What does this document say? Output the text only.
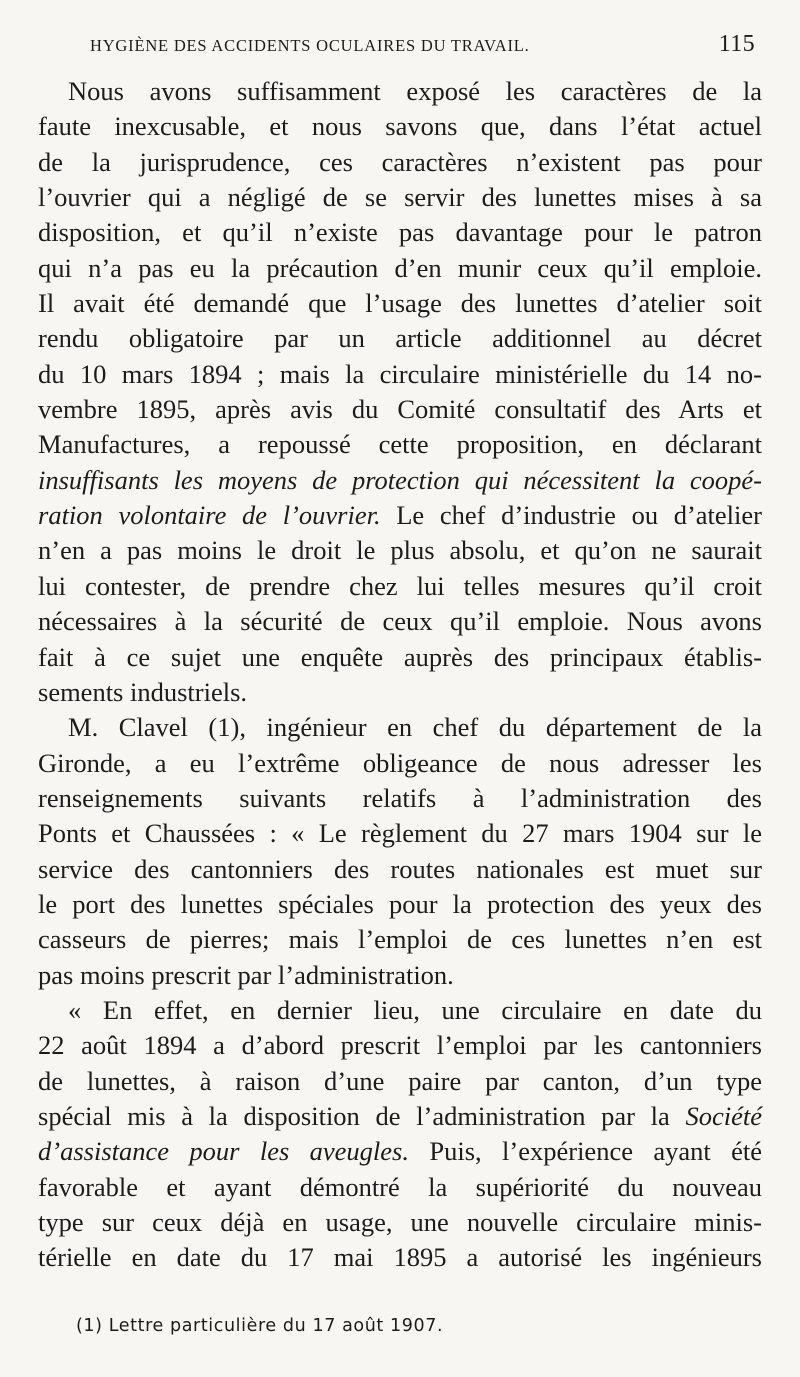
HYGIÈNE DES ACCIDENTS OCULAIRES DU TRAVAIL.	115
Nous avons suffisamment exposé les caractères de la
faute inexcusable, et nous savons que, dans l’état actuel
de la jurisprudence, ces caractères n’existent pas pour
l’ouvrier qui a négligé de se servir des lunettes mises à sa
disposition, et qu’il n’existe pas davantage pour le patron
qui n’a pas eu la précaution d’en munir ceux qu’il emploie.
Il avait été demandé que l’usage des lunettes d’atelier soit
rendu obligatoire par un article additionnel au décret
du 10 mars 1894 ; mais la circulaire ministérielle du 14 no-
vembre 1895, après avis du Comité consultatif des Arts et
Manufactures, a repoussé cette proposition, en déclarant
insuffisants les moyens de protection qui nécessitent la coopé-
ration volontaire de l’ouvrier. Le chef d’industrie ou d’atelier
n’en a pas moins le droit le plus absolu, et qu’on ne saurait
lui contester, de prendre chez lui telles mesures qu’il croit
nécessaires à la sécurité de ceux qu’il emploie. Nous avons
fait à ce sujet une enquête auprès des principaux établis-
sements industriels.
M. Clavel (1), ingénieur en chef du département de la
Gironde, a eu l’extrême obligeance de nous adresser les
renseignements suivants relatifs à l’administration des
Ponts et Chaussées : « Le règlement du 27 mars 1904 sur le
service des cantonniers des routes nationales est muet sur
le port des lunettes spéciales pour la protection des yeux des
casseurs de pierres; mais l’emploi de ces lunettes n’en est
pas moins prescrit par l’administration.
« En effet, en dernier lieu, une circulaire en date du
22 août 1894 a d’abord prescrit l’emploi par les cantonniers
de lunettes, à raison d’une paire par canton, d’un type
spécial mis à la disposition de l’administration par la Société
d’assistance pour les aveugles. Puis, l’expérience ayant été
favorable et ayant démontré la supériorité du nouveau
type sur ceux déjà en usage, une nouvelle circulaire minis-
térielle en date du 17 mai 1895 a autorisé les ingénieurs
(1) Lettre particulière du 17 août 1907.
